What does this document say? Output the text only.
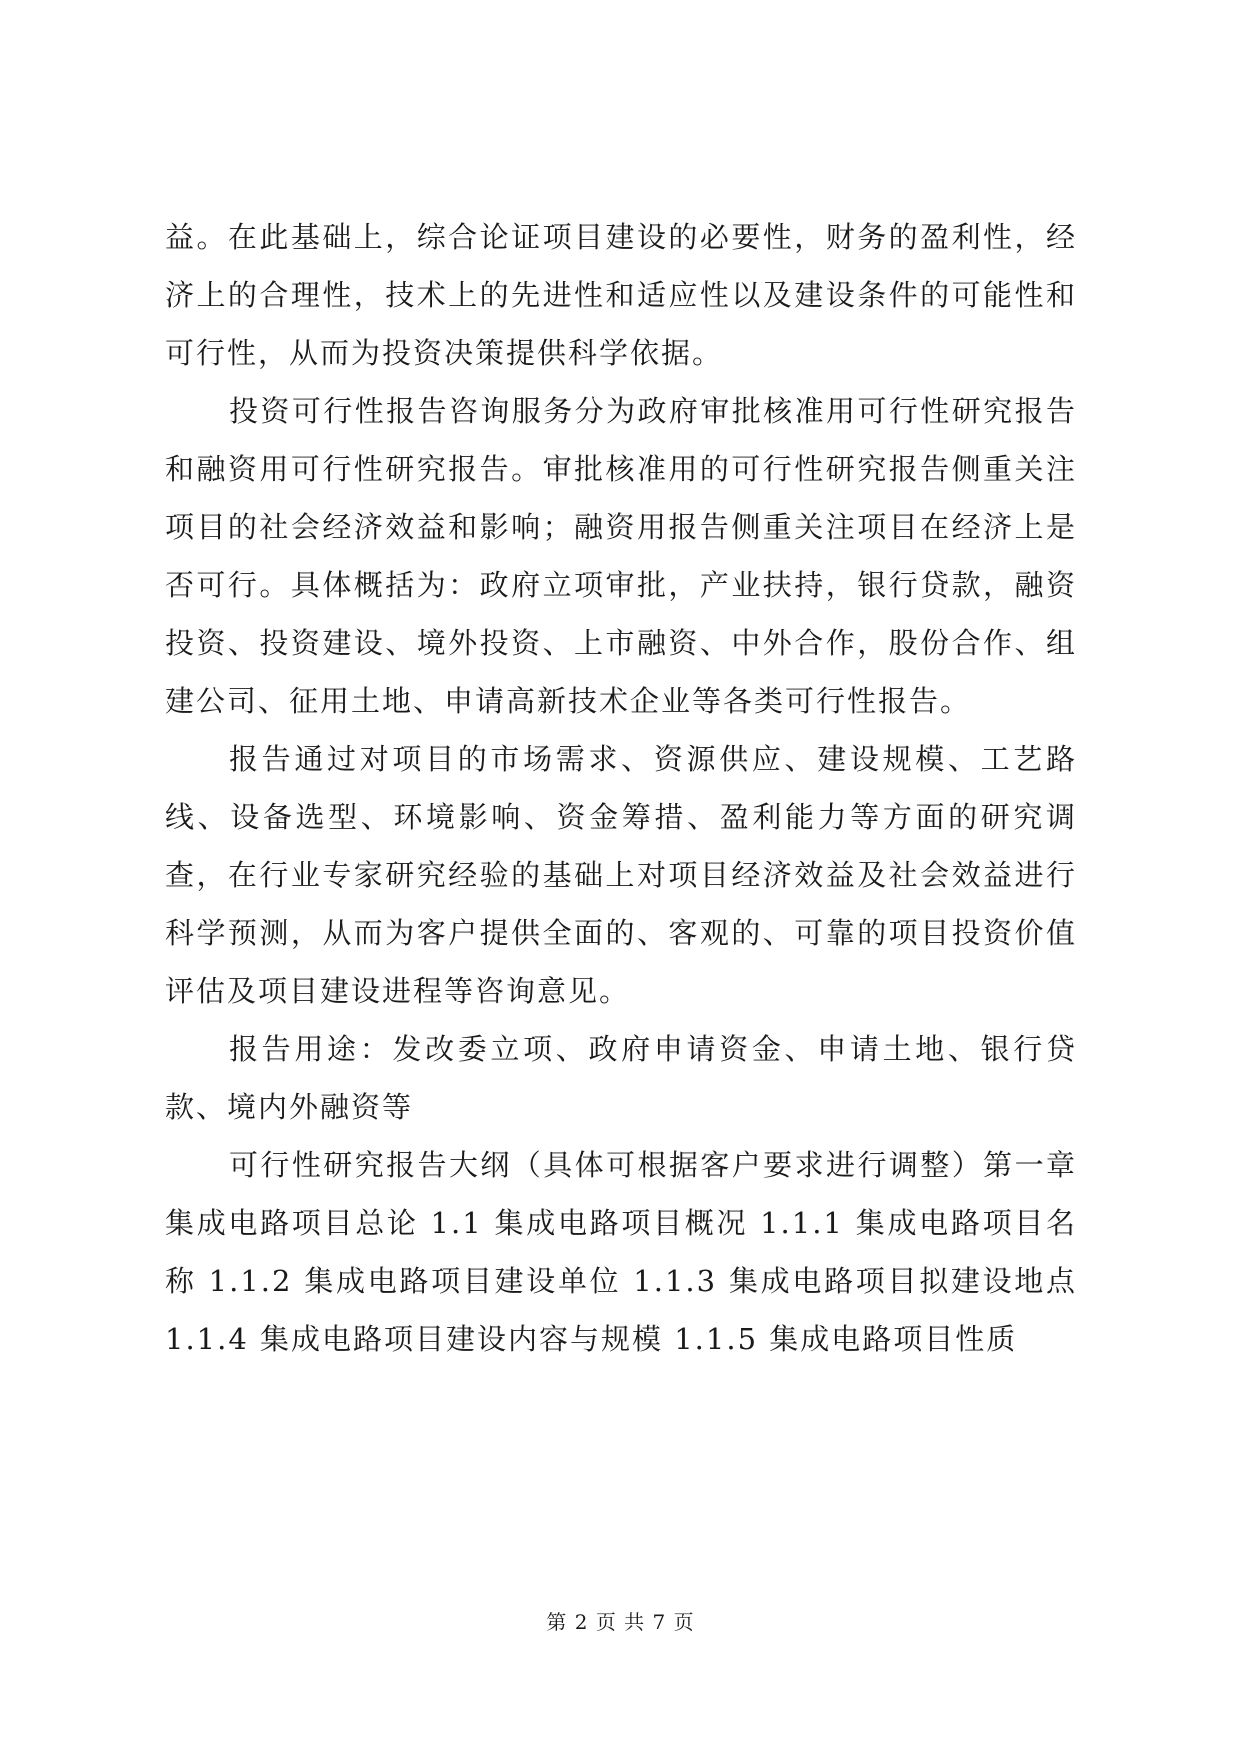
益。在此基础上，综合论证项目建设的必要性，财务的盈利性，经济上的合理性，技术上的先进性和适应性以及建设条件的可能性和可行性，从而为投资决策提供科学依据。

投资可行性报告咨询服务分为政府审批核准用可行性研究报告和融资用可行性研究报告。审批核准用的可行性研究报告侧重关注项目的社会经济效益和影响；融资用报告侧重关注项目在经济上是否可行。具体概括为：政府立项审批，产业扶持，银行贷款，融资投资、投资建设、境外投资、上市融资、中外合作，股份合作、组建公司、征用土地、申请高新技术企业等各类可行性报告。

报告通过对项目的市场需求、资源供应、建设规模、工艺路线、设备选型、环境影响、资金筹措、盈利能力等方面的研究调查，在行业专家研究经验的基础上对项目经济效益及社会效益进行科学预测，从而为客户提供全面的、客观的、可靠的项目投资价值评估及项目建设进程等咨询意见。

报告用途：发改委立项、政府申请资金、申请土地、银行贷款、境内外融资等

可行性研究报告大纲（具体可根据客户要求进行调整）第一章集成电路项目总论 1.1 集成电路项目概况 1.1.1 集成电路项目名称 1.1.2 集成电路项目建设单位 1.1.3 集成电路项目拟建设地点 1.1.4 集成电路项目建设内容与规模 1.1.5 集成电路项目性质

第 2 页 共 7 页
